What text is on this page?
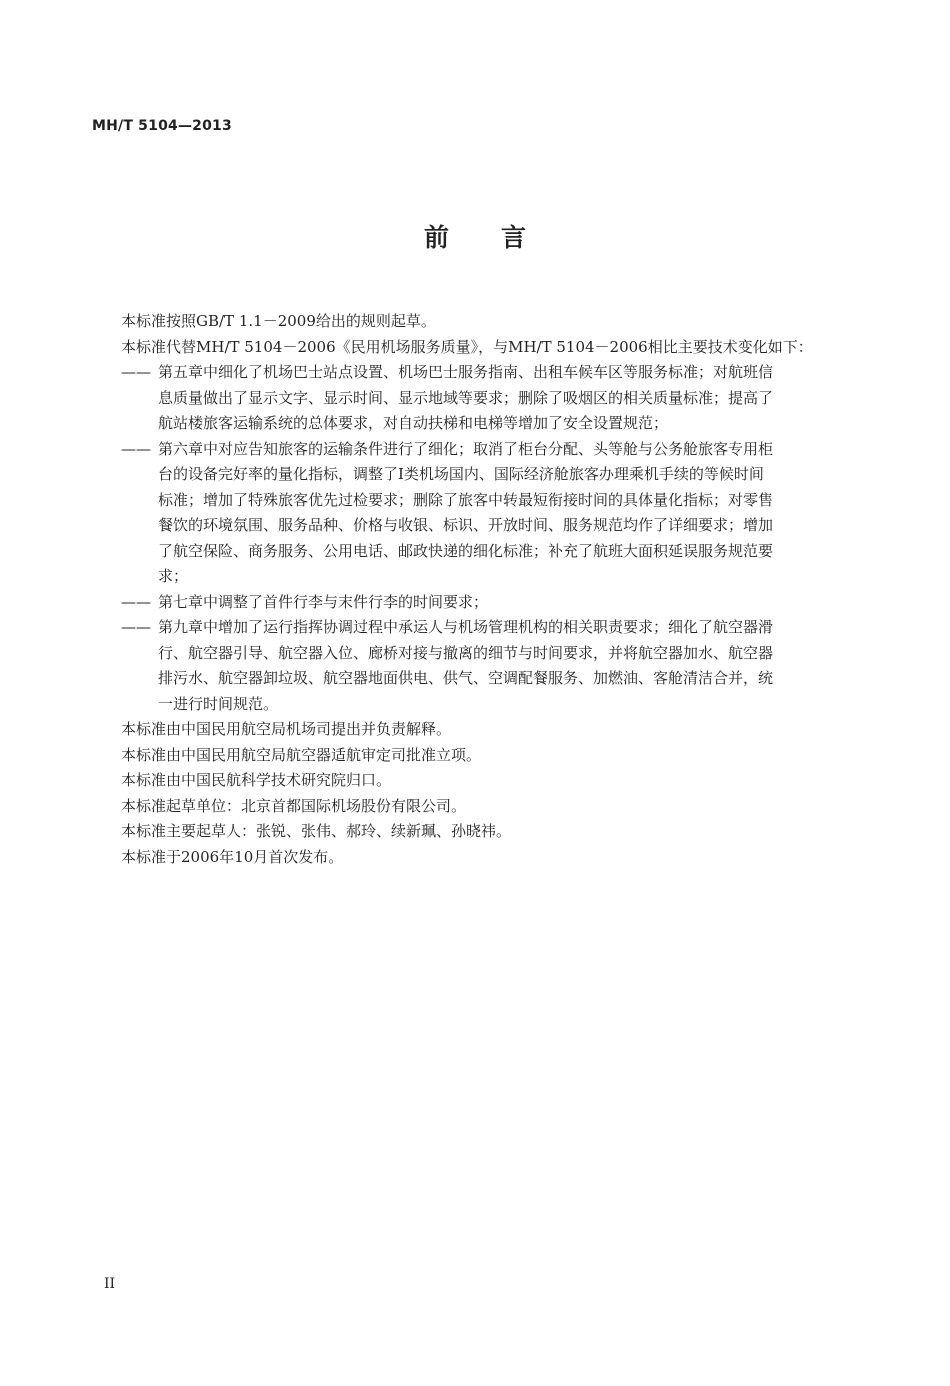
MH/T 5104—2013
前言

本标准按照GB/T 1.1－2009给出的规则起草。

本标准代替MH/T 5104－2006《民用机场服务质量》，与MH/T 5104－2006相比主要技术变化如下：

—— 第五章中细化了机场巴士站点设置、机场巴士服务指南、出租车候车区等服务标准；对航班信

息质量做出了显示文字、显示时间、显示地域等要求；删除了吸烟区的相关质量标准；提高了

航站楼旅客运输系统的总体要求，对自动扶梯和电梯等增加了安全设置规范；

—— 第六章中对应告知旅客的运输条件进行了细化；取消了柜台分配、头等舱与公务舱旅客专用柜

台的设备完好率的量化指标，调整了Ⅰ类机场国内、国际经济舱旅客办理乘机手续的等候时间

标准；增加了特殊旅客优先过检要求；删除了旅客中转最短衔接时间的具体量化指标；对零售

餐饮的环境氛围、服务品种、价格与收银、标识、开放时间、服务规范均作了详细要求；增加

了航空保险、商务服务、公用电话、邮政快递的细化标准；补充了航班大面积延误服务规范要

求；

—— 第七章中调整了首件行李与末件行李的时间要求；

—— 第九章中增加了运行指挥协调过程中承运人与机场管理机构的相关职责要求；细化了航空器滑

行、航空器引导、航空器入位、廊桥对接与撤离的细节与时间要求，并将航空器加水、航空器

排污水、航空器卸垃圾、航空器地面供电、供气、空调配餐服务、加燃油、客舱清洁合并，统

一进行时间规范。

本标准由中国民用航空局机场司提出并负责解释。

本标准由中国民用航空局航空器适航审定司批准立项。

本标准由中国民航科学技术研究院归口。

本标准起草单位：北京首都国际机场股份有限公司。

本标准主要起草人：张锐、张伟、郝玲、续新珮、孙晓祎。

本标准于2006年10月首次发布。

II
